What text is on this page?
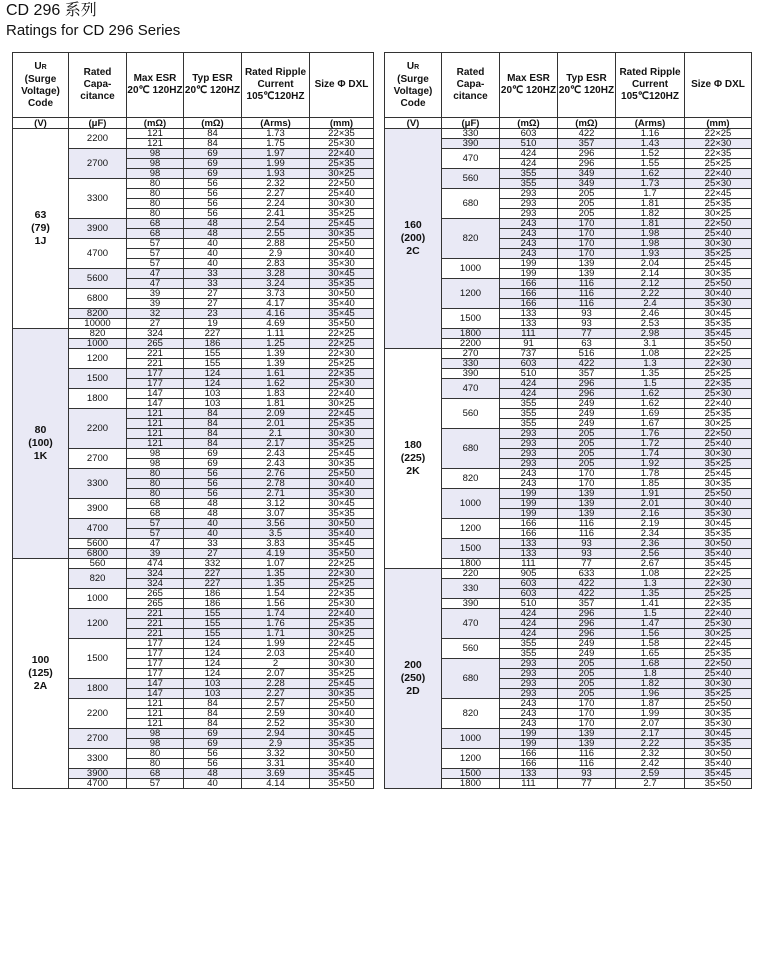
CD 296 系列
Ratings for CD 296 Series
UR
(Surge Voltage) Code	Rated Capa-citance	Max ESR 20℃ 120HZ	Typ ESR 20℃ 120HZ	Rated Ripple Current 105℃120HZ	Size Φ DXL
(V)	(μF)	(mΩ)	(mΩ)	(Arms)	(mm)
63
(79)
1J	2200	121	84	1.73	22×35
		121	84	1.75	25×30
	2700	98	69	1.97	22×40
		98	69	1.99	25×35
		98	69	1.93	30×25
	3300	80	56	2.32	22×50
		80	56	2.27	25×40
		80	56	2.24	30×30
		80	56	2.41	35×25
	3900	68	48	2.54	25×45
		68	48	2.55	30×35
	4700	57	40	2.88	25×50
		57	40	2.9	30×40
		57	40	2.83	35×30
	5600	47	33	3.28	30×45
		47	33	3.24	35×35
	6800	39	27	3.73	30×50
		39	27	4.17	35×40
	8200	32	23	4.16	35×45
	10000	27	19	4.69	35×50
80
(100)
1K	820	324	227	1.11	22×25
	1000	265	186	1.25	22×25
	1200	221	155	1.39	22×30
		221	155	1.39	25×25
	1500	177	124	1.61	22×35
		177	124	1.62	25×30
	1800	147	103	1.83	22×40
		147	103	1.81	30×25
	2200	121	84	2.09	22×45
		121	84	2.01	25×35
		121	84	2.1	30×30
		121	84	2.17	35×25
	2700	98	69	2.43	25×45
		98	69	2.43	30×35
	3300	80	56	2.76	25×50
		80	56	2.78	30×40
		80	56	2.71	35×30
	3900	68	48	3.12	30×45
		68	48	3.07	35×35
	4700	57	40	3.56	30×50
		57	40	3.5	35×40
	5600	47	33	3.83	35×45
	6800	39	27	4.19	35×50
100
(125)
2A	560	474	332	1.07	22×25
	820	324	227	1.35	22×30
		324	227	1.35	25×25
	1000	265	186	1.54	22×35
		265	186	1.56	25×30
	1200	221	155	1.74	22×40
		221	155	1.76	25×35
		221	155	1.71	30×25
	1500	177	124	1.99	22×45
		177	124	2.03	25×40
		177	124	2	30×30
		177	124	2.07	35×25
	1800	147	103	2.28	25×45
		147	103	2.27	30×35
	2200	121	84	2.57	25×50
		121	84	2.59	30×40
		121	84	2.52	35×30
	2700	98	69	2.94	30×45
		98	69	2.9	35×35
	3300	80	56	3.32	30×50
		80	56	3.31	35×40
	3900	68	48	3.69	35×45
	4700	57	40	4.14	35×50
UR
(Surge Voltage) Code	Rated Capa-citance	Max ESR 20℃ 120HZ	Typ ESR 20℃ 120HZ	Rated Ripple Current 105℃120HZ	Size Φ DXL
(V)	(μF)	(mΩ)	(mΩ)	(Arms)	(mm)
160
(200)
2C	330	603	422	1.16	22×25
	390	510	357	1.43	22×30
	470	424	296	1.52	22×35
		424	296	1.55	25×25
	560	355	349	1.62	22×40
		355	349	1.73	25×30
	680	293	205	1.7	22×45
		293	205	1.81	25×35
		293	205	1.82	30×25
	820	243	170	1.81	22×50
		243	170	1.98	25×40
		243	170	1.98	30×30
		243	170	1.93	35×25
	1000	199	139	2.04	25×45
		199	139	2.14	30×35
	1200	166	116	2.12	25×50
		166	116	2.22	30×40
		166	116	2.4	35×30
	1500	133	93	2.46	30×45
		133	93	2.53	35×35
	1800	111	77	2.98	35×45
	2200	91	63	3.1	35×50
180
(225)
2K	270	737	516	1.08	22×25
	330	603	422	1.3	22×30
	390	510	357	1.35	25×25
	470	424	296	1.5	22×35
		424	296	1.62	25×30
	560	355	249	1.62	22×40
		355	249	1.69	25×35
		355	249	1.67	30×25
	680	293	205	1.76	22×50
		293	205	1.72	25×40
		293	205	1.74	30×30
		293	205	1.92	35×25
	820	243	170	1.78	25×45
		243	170	1.85	30×35
	1000	199	139	1.91	25×50
		199	139	2.01	30×40
		199	139	2.16	35×30
	1200	166	116	2.19	30×45
		166	116	2.34	35×35
	1500	133	93	2.36	30×50
		133	93	2.56	35×40
	1800	111	77	2.67	35×45
200
(250)
2D	220	905	633	1.08	22×25
	330	603	422	1.3	22×30
		603	422	1.35	25×25
	390	510	357	1.41	22×35
	470	424	296	1.5	22×40
		424	296	1.47	25×30
		424	296	1.56	30×25
	560	355	249	1.58	22×45
		355	249	1.65	25×35
	680	293	205	1.68	22×50
		293	205	1.8	25×40
		293	205	1.82	30×30
		293	205	1.96	35×25
	820	243	170	1.87	25×50
		243	170	1.99	30×35
		243	170	2.07	35×30
	1000	199	139	2.17	30×45
		199	139	2.22	35×35
	1200	166	116	2.32	30×50
		166	116	2.42	35×40
	1500	133	93	2.59	35×45
	1800	111	77	2.7	35×50
